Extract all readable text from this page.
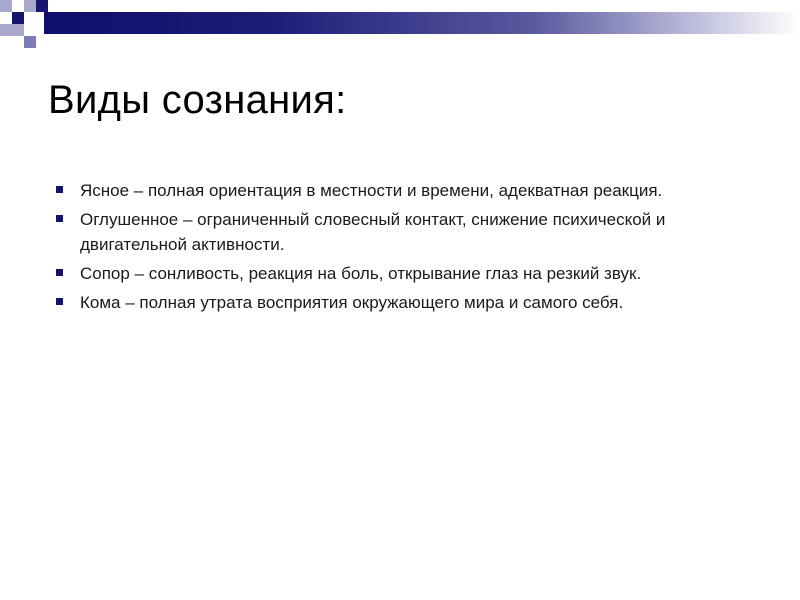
Виды сознания:
Ясное – полная ориентация в местности и времени, адекватная реакция.
Оглушенное – ограниченный словесный контакт, снижение психической и двигательной активности.
Сопор – сонливость, реакция на боль, открывание глаз на резкий звук.
Кома – полная утрата восприятия окружающего мира и самого себя.
